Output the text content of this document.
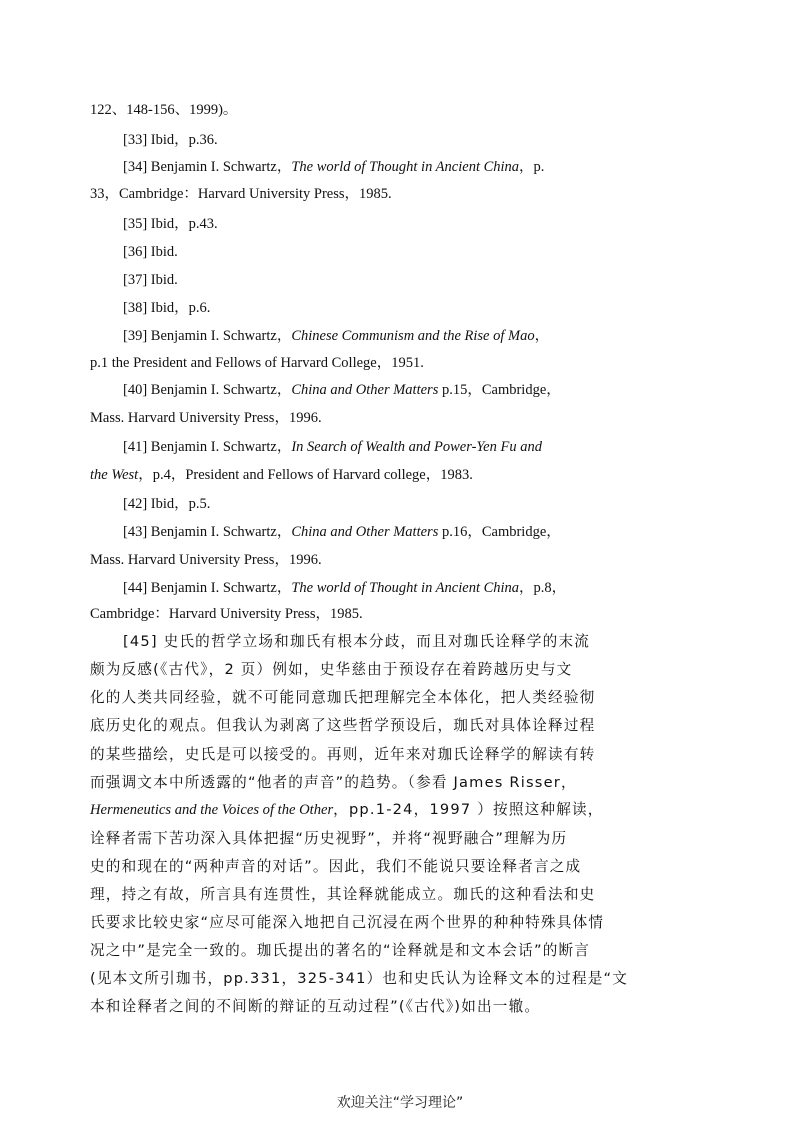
122、148-156、1999)。
[33] Ibid，p.36.
[34] Benjamin I. Schwartz，The world of Thought in Ancient China，p.
33，Cambridge：Harvard University Press，1985.
[35] Ibid，p.43.
[36] Ibid.
[37] Ibid.
[38] Ibid，p.6.
[39] Benjamin I. Schwartz，Chinese Communism and the Rise of Mao，
p.1 the President and Fellows of Harvard College，1951.
[40] Benjamin I. Schwartz，China and Other Matters p.15，Cambridge，
Mass. Harvard University Press，1996.
[41] Benjamin I. Schwartz，In Search of Wealth and Power-Yen Fu and
the West，p.4，President and Fellows of Harvard college，1983.
[42] Ibid，p.5.
[43] Benjamin I. Schwartz，China and Other Matters p.16，Cambridge，
Mass. Harvard University Press，1996.
[44] Benjamin I. Schwartz，The world of Thought in Ancient China，p.8，
Cambridge：Harvard University Press，1985.
[45] 史氏的哲学立场和珈氏有根本分歧，而且对珈氏诠释学的末流
颇为反感(《古代》，2 页）例如，史华慈由于预设存在着跨越历史与文
化的人类共同经验，就不可能同意珈氏把理解完全本体化，把人类经验彻
底历史化的观点。但我认为剥离了这些哲学预设后，珈氏对具体诠释过程
的某些描绘，史氏是可以接受的。再则，近年来对珈氏诠释学的解读有转
而强调文本中所透露的“他者的声音”的趋势。（参看 James Risser，
Hermeneutics and the Voices of the Other，pp.1-24，1997 ）按照这种解读，
诠释者需下苦功深入具体把握“历史视野”，并将“视野融合”理解为历
史的和现在的“两种声音的对话”。因此，我们不能说只要诠释者言之成
理，持之有故，所言具有连贯性，其诠释就能成立。珈氏的这种看法和史
氏要求比较史家“应尽可能深入地把自己沉浸在两个世界的种种特殊具体情
况之中”是完全一致的。珈氏提出的著名的“诠释就是和文本会话”的断言
(见本文所引珈书，pp.331，325-341）也和史氏认为诠释文本的过程是“文
本和诠释者之间的不间断的辩证的互动过程”(《古代》)如出一辙。
欢迎关注“学习理论”
